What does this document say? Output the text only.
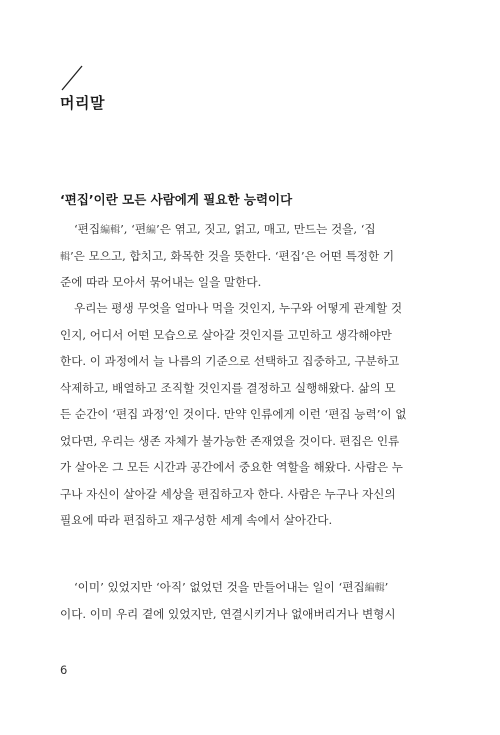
머리말
‘편집’이란 모든 사람에게 필요한 능력이다
‘편집編輯’, ‘편編’은 엮고, 짓고, 얽고, 매고, 만드는 것을, ‘집
輯’은 모으고, 합치고, 화목한 것을 뜻한다. ‘편집’은 어떤 특정한 기
준에 따라 모아서 묶어내는 일을 말한다.
우리는 평생 무엇을 얼마나 먹을 것인지, 누구와 어떻게 관계할 것
인지, 어디서 어떤 모습으로 살아갈 것인지를 고민하고 생각해야만
한다. 이 과정에서 늘 나름의 기준으로 선택하고 집중하고, 구분하고
삭제하고, 배열하고 조직할 것인지를 결정하고 실행해왔다. 삶의 모
든 순간이 ‘편집 과정’인 것이다. 만약 인류에게 이런 ‘편집 능력’이 없
었다면, 우리는 생존 자체가 불가능한 존재였을 것이다. 편집은 인류
가 살아온 그 모든 시간과 공간에서 중요한 역할을 해왔다. 사람은 누
구나 자신이 살아갈 세상을 편집하고자 한다. 사람은 누구나 자신의
필요에 따라 편집하고 재구성한 세계 속에서 살아간다.
‘이미’ 있었지만 ‘아직’ 없었던 것을 만들어내는 일이 ‘편집編輯’
이다. 이미 우리 곁에 있었지만, 연결시키거나 없애버리거나 변형시
6
